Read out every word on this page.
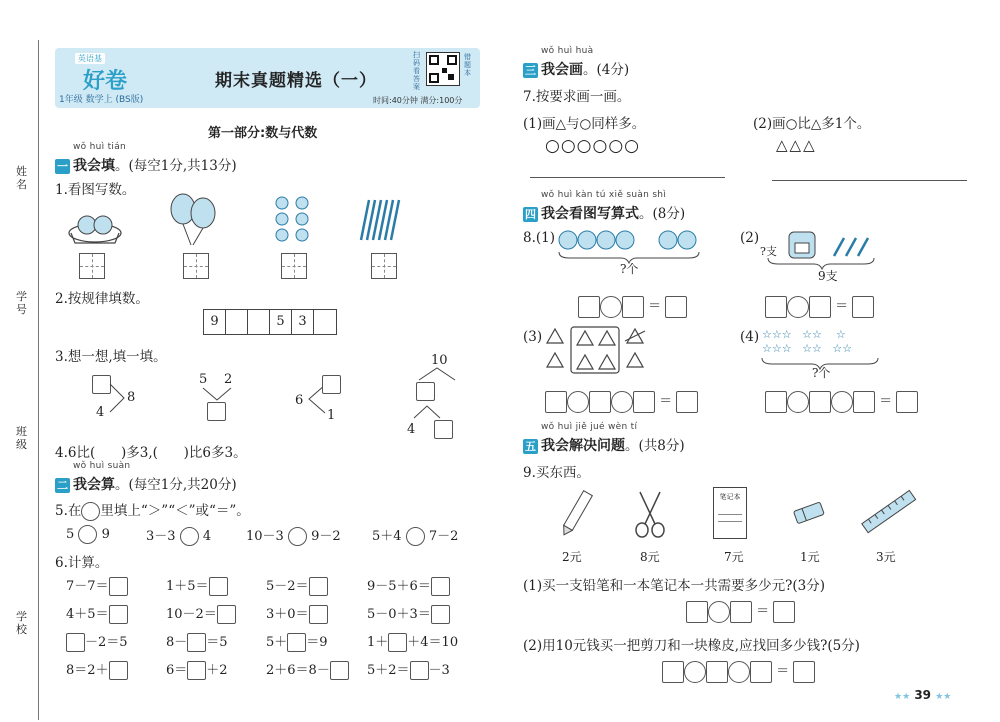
姓名
学号
班级
学校
英语基
好卷
1年级 数学上 (BS版)
期末真题精选（一）
扫码看答案
错题本
时间:40分钟 满分:100分
第一部分:数与代数
wǒ huì tián
一 我会填。(每空1分,共13分)
1.看图写数。
2.按规律填数。
9	5	3
3.想一想,填一填。
4
8
5 2
6
1
10
4
4.6比(      )多3,(      )比6多3。
wǒ huì suàn
二 我会算。(每空1分,共20分)
5.在 里填上“＞”“＜”或“＝”。
5 9	3－3 4	10－3 9－2 5＋4 7－2
6.计算。
7－7＝	1＋5＝	5－2＝	9－5＋6＝
4＋5＝	10－2＝	3＋0＝	5－0＋3＝
－2＝5	8－ ＝5	5＋ ＝9	1＋ ＋4＝10
8＝2＋	6＝ ＋2	2＋6＝8－	5＋2＝ －3
wǒ huì huà
三 我会画。(4分)
7.按要求画一画。
(1)画△与○同样多。
○○○○○○
(2)画○比△多1个。
△△△
wǒ huì kàn tú xiě suàn shì
四 我会看图写算式。(8分)
8.(1)
?个
＝
(2)
?支
9支
＝
(3)
＝
(4) ☆☆☆ ☆☆ ☆
☆☆☆ ☆☆ ☆☆
?个
＝
wǒ huì jiě jué wèn tí
五 我会解决问题。(共8分)
9.买东西。
笔记本
2元	8元	7元	1元	3元
(1)买一支铅笔和一本笔记本一共需要多少元?(3分)
＝
(2)用10元钱买一把剪刀和一块橡皮,应找回多少钱?(5分)
＝
★★ 39 ★★
